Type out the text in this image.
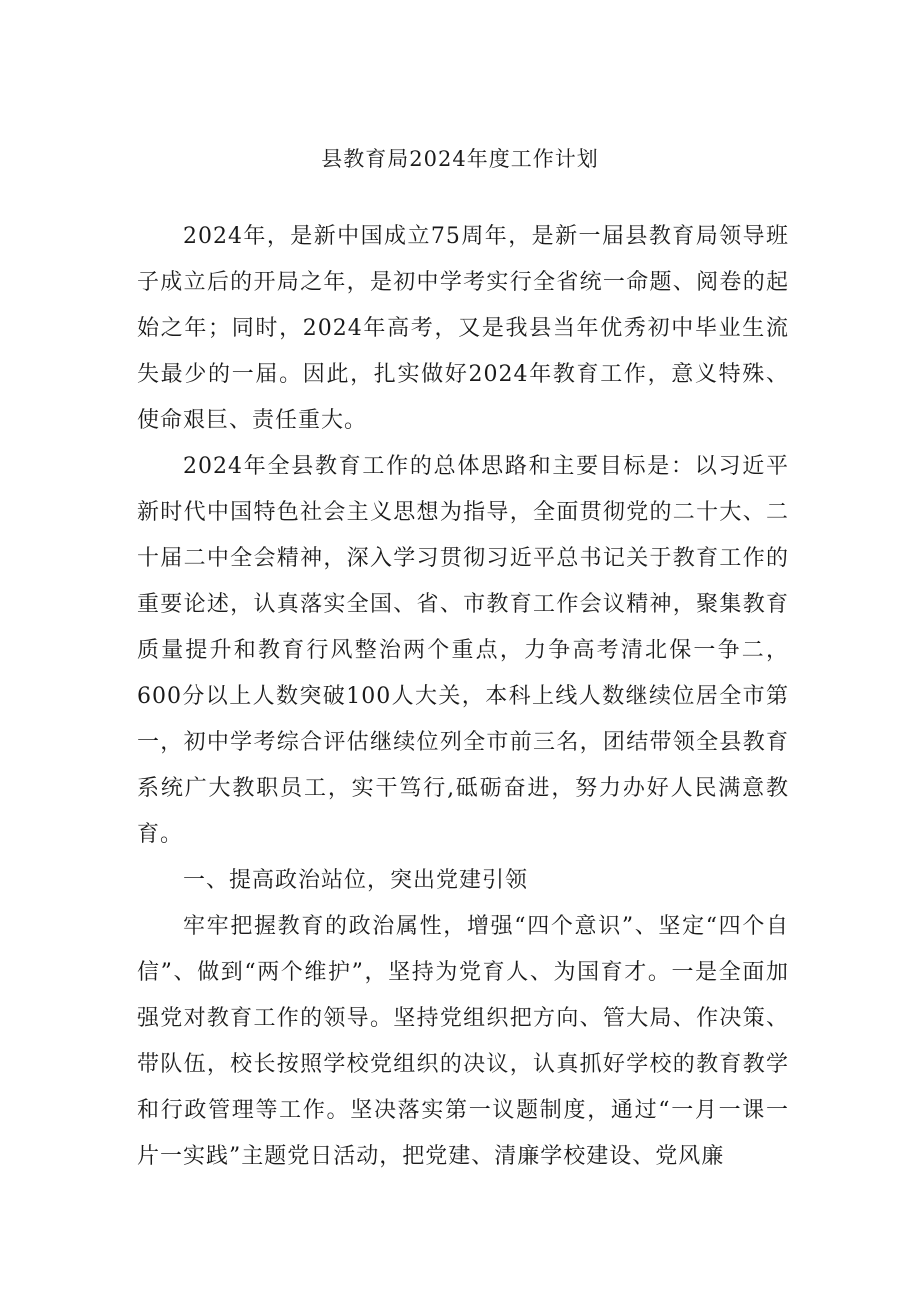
县教育局2024年度工作计划

2024年，是新中国成立75周年，是新一届县教育局领导班子成立后的开局之年，是初中学考实行全省统一命题、阅卷的起始之年；同时，2024年高考，又是我县当年优秀初中毕业生流失最少的一届。因此，扎实做好2024年教育工作，意义特殊、使命艰巨、责任重大。

2024年全县教育工作的总体思路和主要目标是：以习近平新时代中国特色社会主义思想为指导，全面贯彻党的二十大、二十届二中全会精神，深入学习贯彻习近平总书记关于教育工作的重要论述，认真落实全国、省、市教育工作会议精神，聚集教育质量提升和教育行风整治两个重点，力争高考清北保一争二，600分以上人数突破100人大关，本科上线人数继续位居全市第一，初中学考综合评估继续位列全市前三名，团结带领全县教育系统广大教职员工，实干笃行,砥砺奋进，努力办好人民满意教育。

一、提高政治站位，突出党建引领

牢牢把握教育的政治属性，增强“四个意识”、坚定“四个自信”、做到“两个维护”，坚持为党育人、为国育才。一是全面加强党对教育工作的领导。坚持党组织把方向、管大局、作决策、带队伍，校长按照学校党组织的决议，认真抓好学校的教育教学和行政管理等工作。坚决落实第一议题制度，通过“一月一课一片一实践”主题党日活动，把党建、清廉学校建设、党风廉
